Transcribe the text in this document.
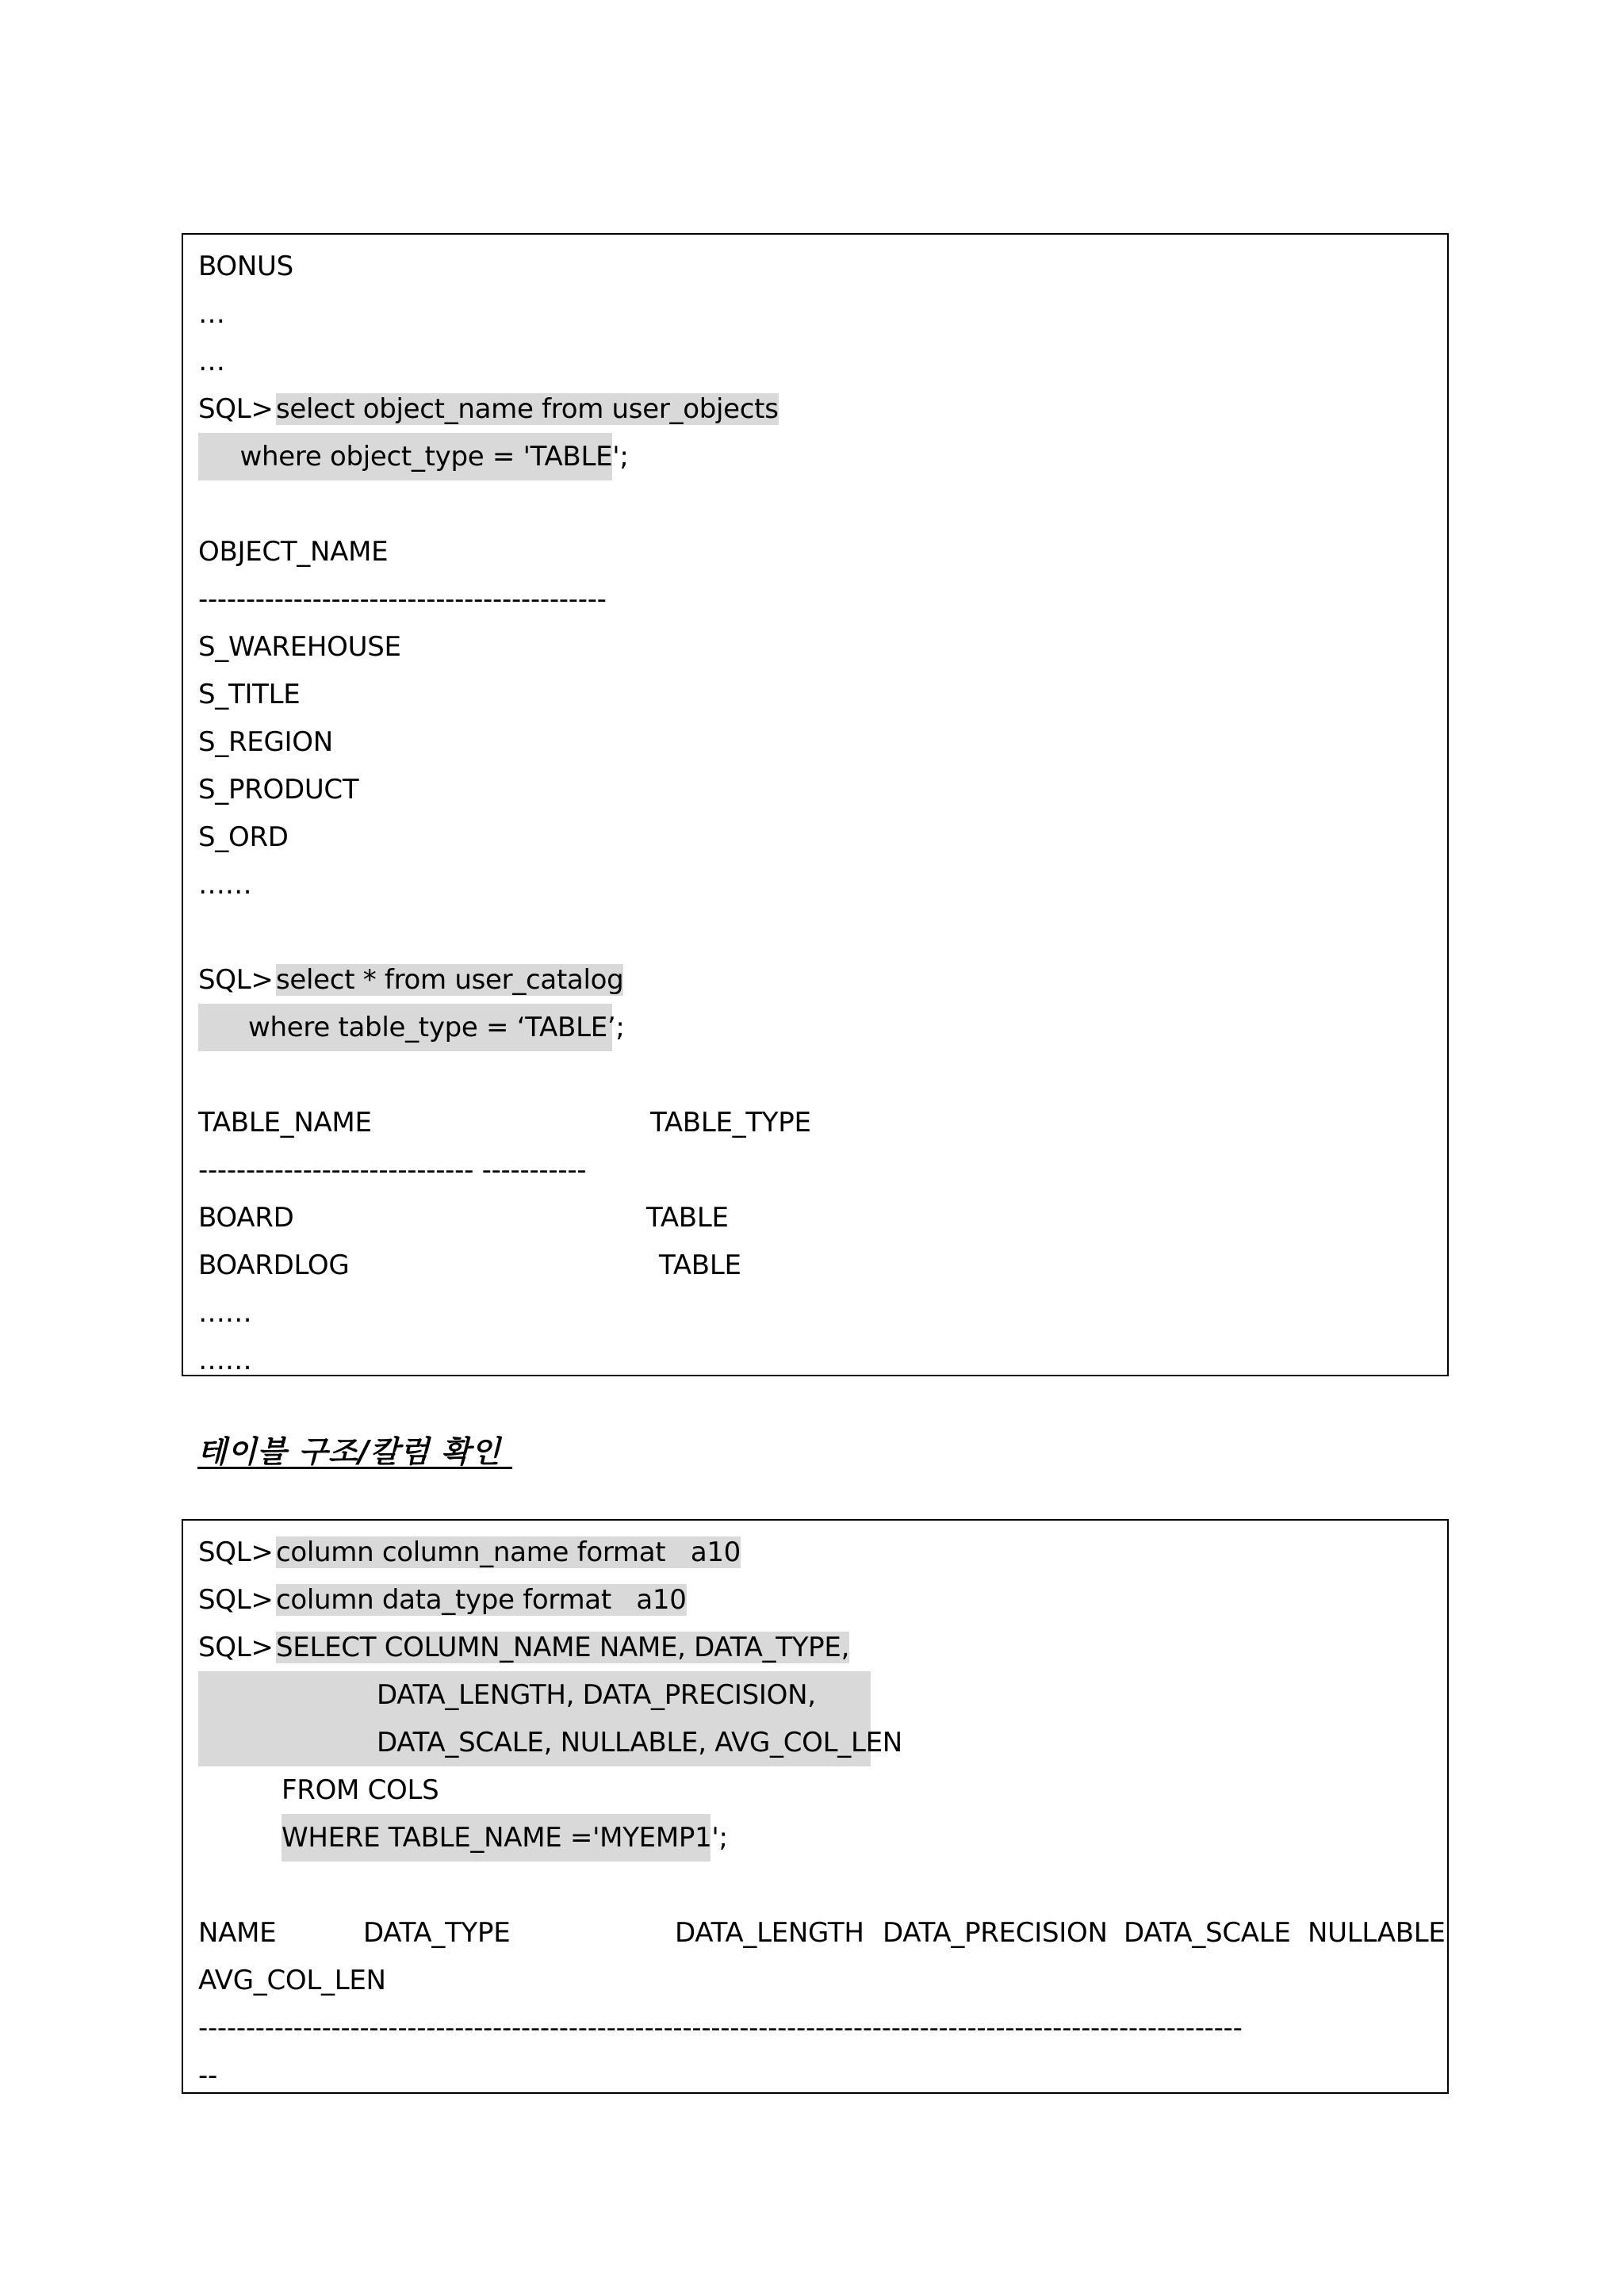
BONUS
…
…
SQL> select object_name from user_objects
where object_type = 'TABLE';
OBJECT_NAME
-------------------------------------------
S_WAREHOUSE
S_TITLE
S_REGION
S_PRODUCT
S_ORD
……
SQL> select * from user_catalog
where table_type = ‘TABLE’;
TABLE_NAME	TABLE_TYPE
----------------------------- -----------
BOARD	TABLE
BOARDLOG	TABLE
……
……
테이블 구조/칼럼 확인
SQL> column column_name format   a10
SQL> column data_type format   a10
SQL> SELECT COLUMN_NAME NAME, DATA_TYPE,
DATA_LENGTH, DATA_PRECISION,
DATA_SCALE, NULLABLE, AVG_COL_LEN
FROM COLS
WHERE TABLE_NAME ='MYEMP1';
NAME	DATA_TYPE	DATA_LENGTH DATA_PRECISION DATA_SCALE NULLABLE
AVG_COL_LEN
--------------------------------------------------------------------------------------------------------------
--
